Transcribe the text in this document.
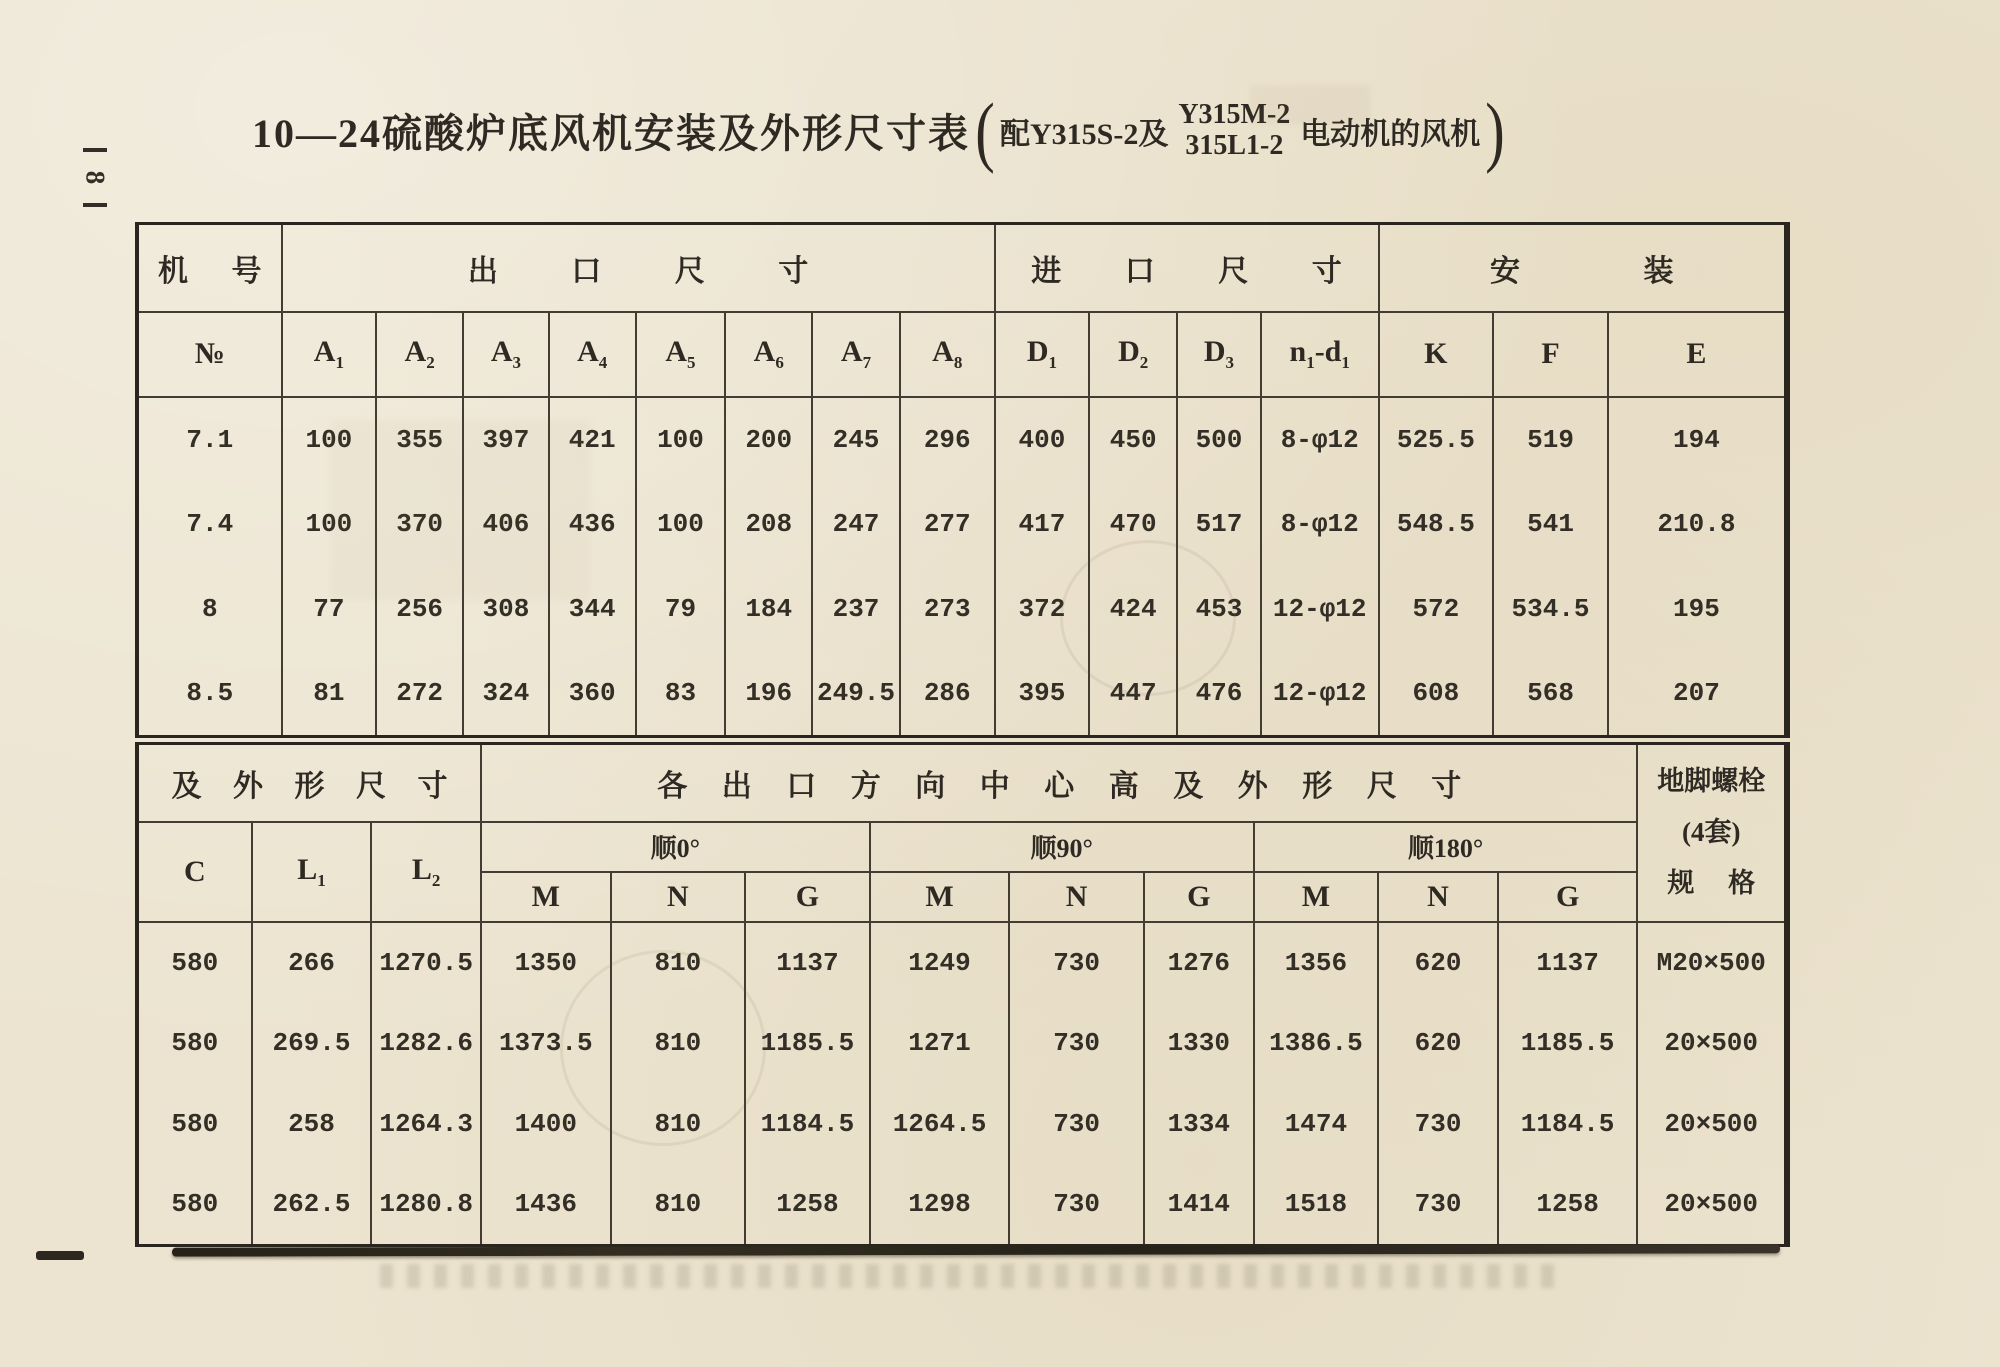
8
10—24硫酸炉底风机安装及外形尺寸表 ( 配Y315S-2及
Y315M-2
315L1-2 电动机的风机 )
机 号	出 口 尺 寸								进 口 尺 寸				安 装		
№	$A_1$	$A_2$	$A_3$	$A_4$	$A_5$	$A_6$	$A_7$	$A_8$	$D_1$	$D_2$	$D_3$	$n_1-d_1$	K	F	E
7.1	100	355	397	421	100	200	245	296	400	450	500	8-φ12	525.5	519	194
7.4	100	370	406	436	100	208	247	277	417	470	517	8-φ12	548.5	541	210.8
8	77	256	308	344	79	184	237	273	372	424	453	12-φ12	572	534.5	195
8.5	81	272	324	360	83	196	249.5	286	395	447	476	12-φ12	608	568	207
及 外 形 尺 寸			各 出 口 方 向 中 心 高 及 外 形 尺 寸									地脚螺栓
(4套)
规 格

C	$L_1$	$L_2$	顺0°			顺90°			顺180°			
			M	N	G	M	N	G	M	N	G	
580	266	1270.5	1350	810	1137	1249	730	1276	1356	620	1137	M20×500
580	269.5	1282.6	1373.5	810	1185.5	1271	730	1330	1386.5	620	1185.5	20×500
580	258	1264.3	1400	810	1184.5	1264.5	730	1334	1474	730	1184.5	20×500
580	262.5	1280.8	1436	810	1258	1298	730	1414	1518	730	1258	20×500
